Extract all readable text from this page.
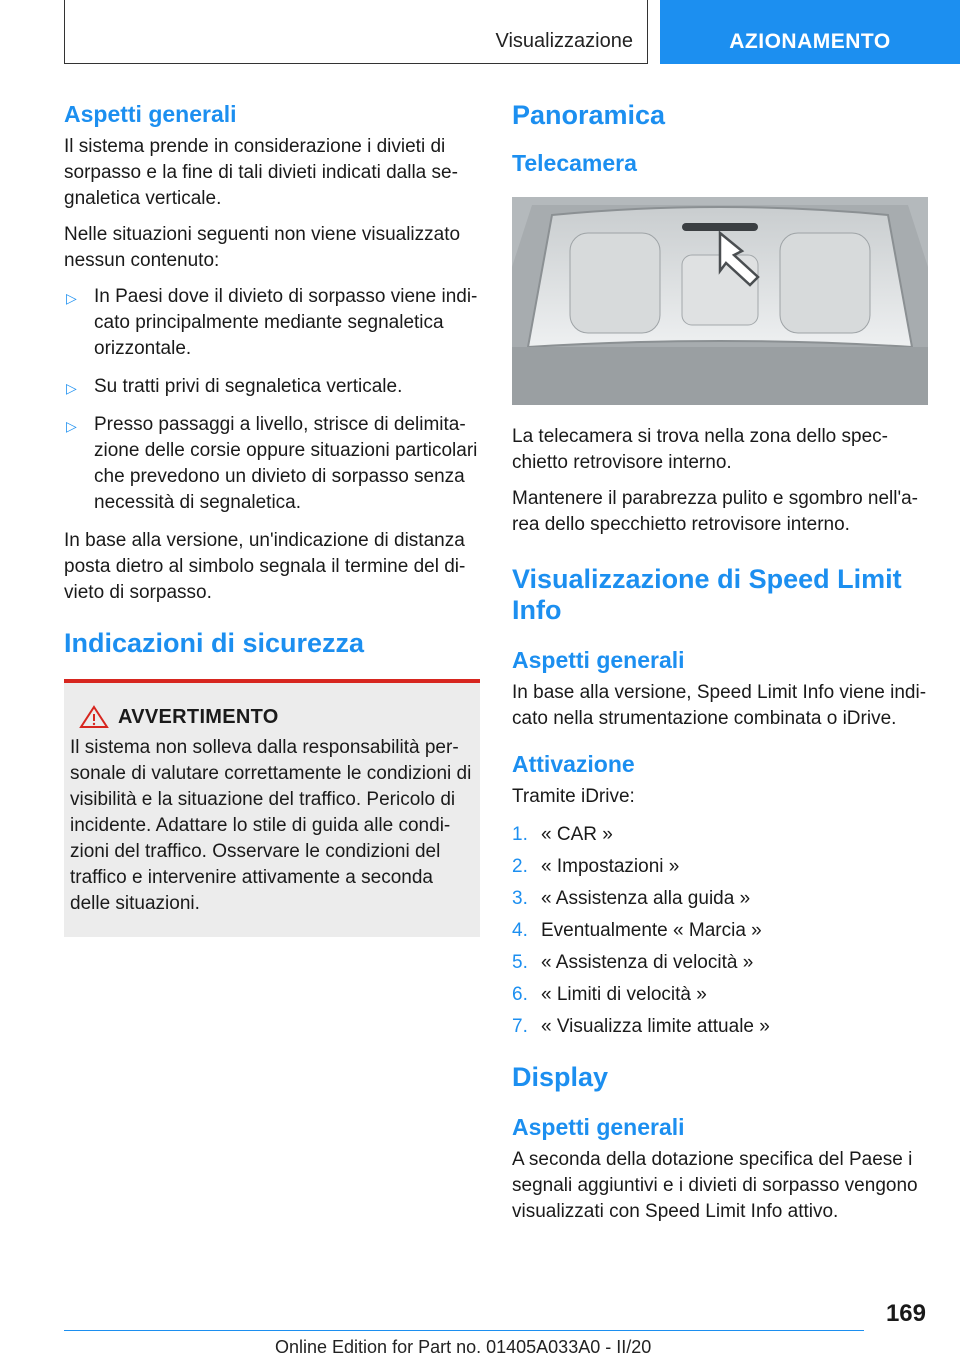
Visualizzazione	AZIONAMENTO
Aspetti generali

Il sistema prende in considerazione i divieti di sorpasso e la fine di tali divieti indicati dalla se-gnaletica verticale.

Nelle situazioni seguenti non viene visualizzato nessun contenuto:

▷ In Paesi dove il divieto di sorpasso viene indi-cato principalmente mediante segnaletica orizzontale.
▷ Su tratti privi di segnaletica verticale.
▷ Presso passaggi a livello, strisce di delimita-zione delle corsie oppure situazioni particolari che prevedono un divieto di sorpasso senza necessità di segnaletica.

In base alla versione, un'indicazione di distanza posta dietro al simbolo segnala il termine del di-vieto di sorpasso.

Indicazioni di sicurezza
AVVERTIMENTO

Il sistema non solleva dalla responsabilità per-sonale di valutare correttamente le condizioni di visibilità e la situazione del traffico. Pericolo di incidente. Adattare lo stile di guida alle condi-zioni del traffico. Osservare le condizioni del traffico e intervenire attivamente a seconda delle situazioni.

Panoramica
Telecamera

La telecamera si trova nella zona dello spec-chietto retrovisore interno.

Mantenere il parabrezza pulito e sgombro nell'a-rea dello specchietto retrovisore interno.

Visualizzazione di Speed Limit Info
Aspetti generali

In base alla versione, Speed Limit Info viene indi-cato nella strumentazione combinata o iDrive.

Attivazione

Tramite iDrive:

1. « CAR »
2. « Impostazioni »
3. « Assistenza alla guida »
4. Eventualmente « Marcia »
5. « Assistenza di velocità »
6. « Limiti di velocità »
7. « Visualizza limite attuale »
Display
Aspetti generali

A seconda della dotazione specifica del Paese i segnali aggiuntivi e i divieti di sorpasso vengono visualizzati con Speed Limit Info attivo.

169
Online Edition for Part no. 01405A033A0 - II/20
